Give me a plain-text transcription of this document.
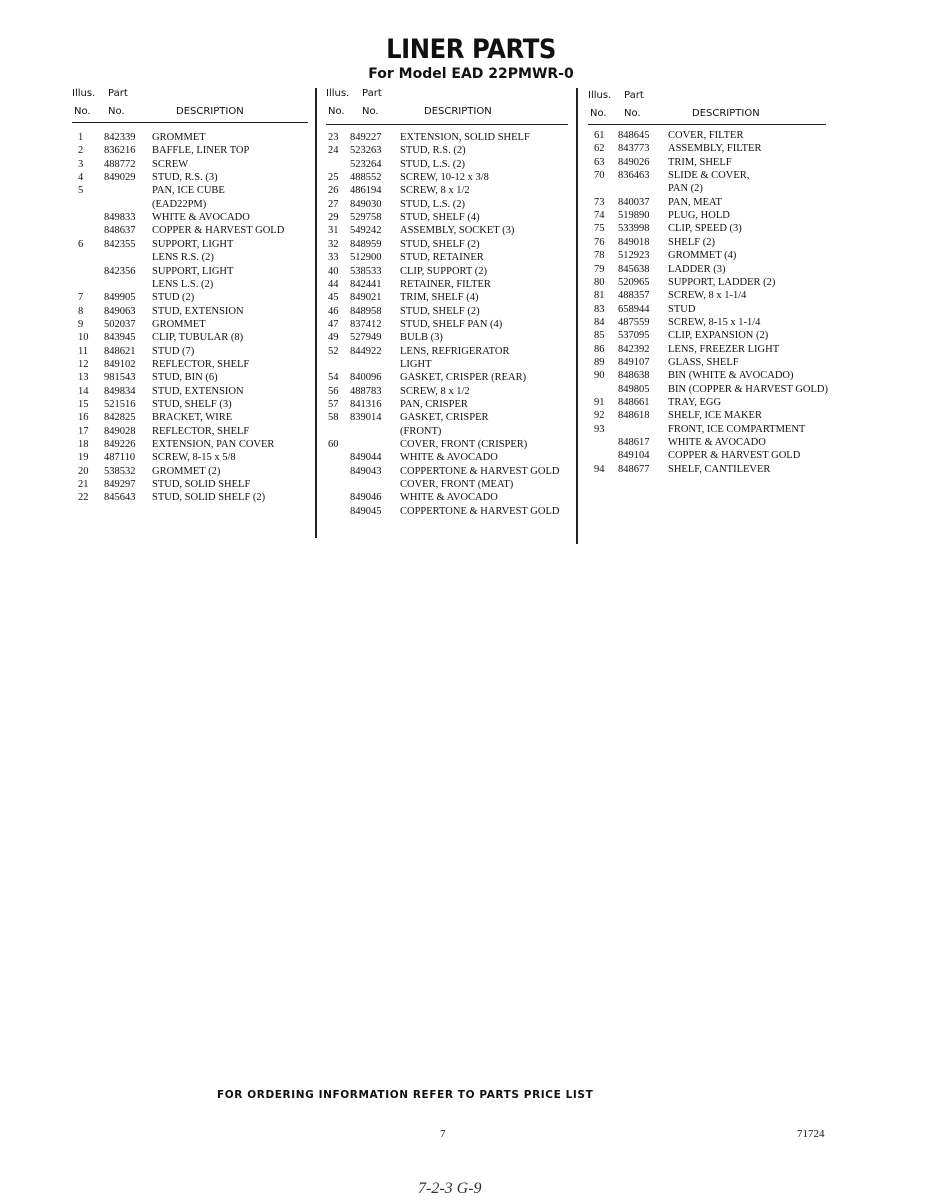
LINER PARTS
For Model EAD 22PMWR-0
Illus. Part
No. No.	DESCRIPTION
1 842339 GROMMET
2 836216 BAFFLE, LINER TOP
3 488772 SCREW
4 849029 STUD, R.S. (3)
5	PAN, ICE CUBE
(EAD22PM)
849833 WHITE & AVOCADO
848637 COPPER & HARVEST GOLD
6 842355 SUPPORT, LIGHT
LENS R.S. (2)
842356 SUPPORT, LIGHT
LENS L.S. (2)
7 849905 STUD (2)
8 849063 STUD, EXTENSION
9 502037 GROMMET
10 843945 CLIP, TUBULAR (8)
11 848621 STUD (7)
12 849102 REFLECTOR, SHELF
13 981543 STUD, BIN (6)
14 849834 STUD, EXTENSION
15 521516 STUD, SHELF (3)
16 842825 BRACKET, WIRE
17 849028 REFLECTOR, SHELF
18 849226 EXTENSION, PAN COVER
19 487110 SCREW, 8-15 x 5/8
20 538532 GROMMET (2)
21 849297 STUD, SOLID SHELF
22 845643 STUD, SOLID SHELF (2)
Illus. Part
No. No.	DESCRIPTION
23 849227 EXTENSION, SOLID SHELF
24 523263 STUD, R.S. (2)
523264 STUD, L.S. (2)
25 488552 SCREW, 10-12 x 3/8
26 486194 SCREW, 8 x 1/2
27 849030 STUD, L.S. (2)
29 529758 STUD, SHELF (4)
31 549242 ASSEMBLY, SOCKET (3)
32 848959 STUD, SHELF (2)
33 512900 STUD, RETAINER
40 538533 CLIP, SUPPORT (2)
44 842441 RETAINER, FILTER
45 849021 TRIM, SHELF (4)
46 848958 STUD, SHELF (2)
47 837412 STUD, SHELF PAN (4)
49 527949 BULB (3)
52 844922 LENS, REFRIGERATOR
LIGHT
54 840096 GASKET, CRISPER (REAR)
56 488783 SCREW, 8 x 1/2
57 841316 PAN, CRISPER
58 839014 GASKET, CRISPER
(FRONT)
60	COVER, FRONT (CRISPER)
849044 WHITE & AVOCADO
849043 COPPERTONE & HARVEST GOLD
COVER, FRONT (MEAT)
849046 WHITE & AVOCADO
849045 COPPERTONE & HARVEST GOLD
Illus. Part
No. No.	DESCRIPTION
61 848645 COVER, FILTER
62 843773 ASSEMBLY, FILTER
63 849026 TRIM, SHELF
70 836463 SLIDE & COVER,
PAN (2)
73 840037 PAN, MEAT
74 519890 PLUG, HOLD
75 533998 CLIP, SPEED (3)
76 849018 SHELF (2)
78 512923 GROMMET (4)
79 845638 LADDER (3)
80 520965 SUPPORT, LADDER (2)
81 488357 SCREW, 8 x 1-1/4
83 658944 STUD
84 487559 SCREW, 8-15 x 1-1/4
85 537095 CLIP, EXPANSION (2)
86 842392 LENS, FREEZER LIGHT
89 849107 GLASS, SHELF
90 848638 BIN (WHITE & AVOCADO)
849805 BIN (COPPER & HARVEST GOLD)
91 848661 TRAY, EGG
92 848618 SHELF, ICE MAKER
93	FRONT, ICE COMPARTMENT
848617 WHITE & AVOCADO
849104 COPPER & HARVEST GOLD
94 848677 SHELF, CANTILEVER
FOR ORDERING INFORMATION REFER TO PARTS PRICE LIST
7	71724
7-2-3 G-9
